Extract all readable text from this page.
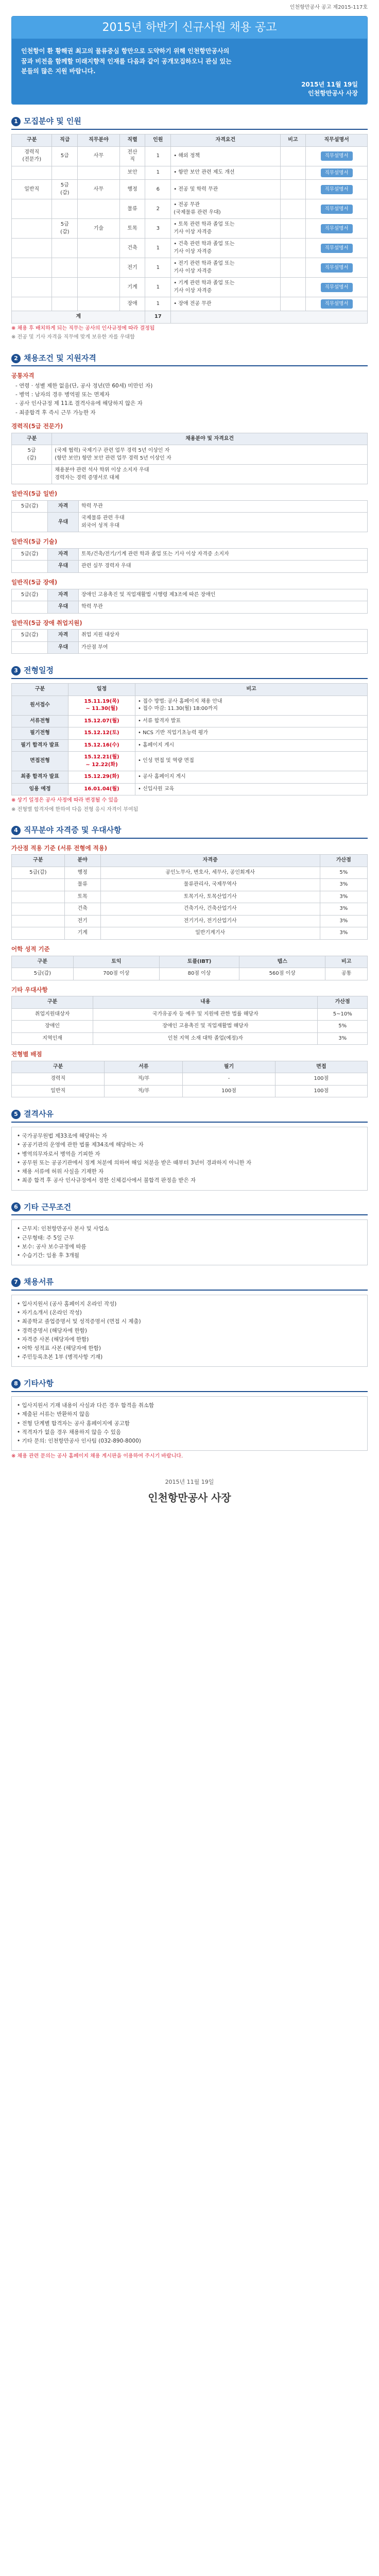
인천항만공사 공고 제2015-117호
2015년 하반기 신규사원 채용 공고

인천항이 환 황해권 최고의 물류중심 항만으로 도약하기 위해 인천항만공사의

꿈과 비전을 함께할 미래지향적 인재를 다음과 같이 공개모집하오니 관심 있는

분들의 많은 지원 바랍니다.

2015년 11월 19일
인천항만공사 사장
1 모집분야 및 인원
구분	직급	직무분야	직렬	인원	자격요건	비고	직무설명서
경력직
(전문가)	5급	사무	전산
직	1	• 해외 정책		직무설명서
			보안	1	• 항만 보안 관련 제도 개선		직무설명서
일반직	5급
(갑)	사무	행정	6	• 전공 및 학력 무관		직무설명서
			물류	2	• 전공 무관
(국제물류 관련 우대)		직무설명서
	5급
(갑)	기술	토목	3	• 토목 관련 학과 졸업 또는
기사 이상 자격증		직무설명서
			건축	1	• 건축 관련 학과 졸업 또는
기사 이상 자격증		직무설명서
			전기	1	• 전기 관련 학과 졸업 또는
기사 이상 자격증		직무설명서
			기계	1	• 기계 관련 학과 졸업 또는
기사 이상 자격증		직무설명서
			장애	1	• 장애 전공 무관		직무설명서
계				17			

※ 채용 후 배치하게 되는 직무는 공사의 인사규정에 따라 결정됨

※ 전공 및 기사 자격을 직무에 맞게 보유한 자를 우대함

2 채용조건 및 지원자격
공통자격

- 연령 · 성별 제한 없음(단, 공사 정년(만 60세) 미만인 자)

- 병역 : 남자의 경우 병역필 또는 면제자

- 공사 인사규정 제 11조 결격사유에 해당하지 않은 자

- 최종합격 후 즉시 근무 가능한 자

경력직(5급 전문가)
구분	채용분야 및 자격요건
5급
(갑)	(국제 협력) 국제기구 관련 업무 경력 5년 이상인 자
(항만 보안) 항만 보안 관련 업무 경력 5년 이상인 자
	채용분야 관련 석사 학위 이상 소지자 우대
경력자는 경력 증명서로 대체
일반직(5급 일반)
5급(갑)	자격	학력 무관
	우대	국제물류 관련 우대
외국어 성적 우대
일반직(5급 기술)
5급(갑)	자격	토목/건축/전기/기계 관련 학과 졸업 또는 기사 이상 자격증 소지자
	우대	관련 실무 경력자 우대
일반직(5급 장애)
5급(갑)	자격	장애인 고용촉진 및 직업재활법 시행령 제3조에 따른 장애인
	우대	학력 무관
일반직(5급 장애 취업지원)
5급(갑)	자격	취업 지원 대상자
	우대	가산점 부여
3 전형일정
구분	일정	비고
원서접수	15.11.19(목)
~ 11.30(월)	• 접수 방법: 공사 홈페이지 채용 안내
• 접수 마감: 11.30(월) 18:00까지
서류전형	15.12.07(월)	• 서류 합격자 발표
필기전형	15.12.12(토)	• NCS 기반 직업기초능력 평가
필기 합격자 발표	15.12.16(수)	• 홈페이지 게시
면접전형	15.12.21(월)
~ 12.22(화)	• 인성 면접 및 역량 면접
최종 합격자 발표	15.12.29(화)	• 공사 홈페이지 게시
임용 예정	16.01.04(월)	• 신입사원 교육

※ 상기 일정은 공사 사정에 따라 변경될 수 있음

※ 전형별 합격자에 한하여 다음 전형 응시 자격이 부여됨

4 직무분야 자격증 및 우대사항
가산점 적용 기준 (서류 전형에 적용)
구분	분야	자격증	가산점
5급(갑)	행정	공인노무사, 변호사, 세무사, 공인회계사	5%
	물류	물류관리사, 국제무역사	3%
	토목	토목기사, 토목산업기사	3%
	건축	건축기사, 건축산업기사	3%
	전기	전기기사, 전기산업기사	3%
	기계	일반기계기사	3%
어학 성적 기준
구분	토익	토플(IBT)	텝스	비고
5급(갑)	700점 이상	80점 이상	560점 이상	공통
기타 우대사항
구분	내용	가산점
취업지원대상자	국가유공자 등 예우 및 지원에 관한 법률 해당자	5~10%
장애인	장애인 고용촉진 및 직업재활법 해당자	5%
지역인재	인천 지역 소재 대학 졸업(예정)자	3%
전형별 배점
구분	서류	필기	면접
경력직	적/부	-	100점
일반직	적/부	100점	100점
5 결격사유

• 국가공무원법 제33조에 해당하는 자

• 공공기관의 운영에 관한 법률 제34조에 해당하는 자

• 병역의무자로서 병역을 기피한 자

• 공무원 또는 공공기관에서 징계 처분에 의하여 해임 처분을 받은 때부터 3년이 경과하지 아니한 자

• 채용 서류에 허위 사실을 기재한 자

• 최종 합격 후 공사 인사규정에서 정한 신체검사에서 불합격 판정을 받은 자

6 기타 근무조건

• 근무지: 인천항만공사 본사 및 사업소

• 근무형태: 주 5일 근무

• 보수: 공사 보수규정에 따름

• 수습기간: 임용 후 3개월

7 채용서류

• 입사지원서 (공사 홈페이지 온라인 작성)

• 자기소개서 (온라인 작성)

• 최종학교 졸업증명서 및 성적증명서 (면접 시 제출)

• 경력증명서 (해당자에 한함)

• 자격증 사본 (해당자에 한함)

• 어학 성적표 사본 (해당자에 한함)

• 주민등록초본 1부 (병적사항 기재)

8 기타사항

• 입사지원서 기재 내용이 사실과 다른 경우 합격을 취소함

• 제출된 서류는 반환하지 않음

• 전형 단계별 합격자는 공사 홈페이지에 공고함

• 적격자가 없을 경우 채용하지 않을 수 있음

• 기타 문의: 인천항만공사 인사팀 (032-890-8000)

※ 채용 관련 문의는 공사 홈페이지 채용 게시판을 이용하여 주시기 바랍니다.

2015년 11월 19일
인천항만공사 사장
